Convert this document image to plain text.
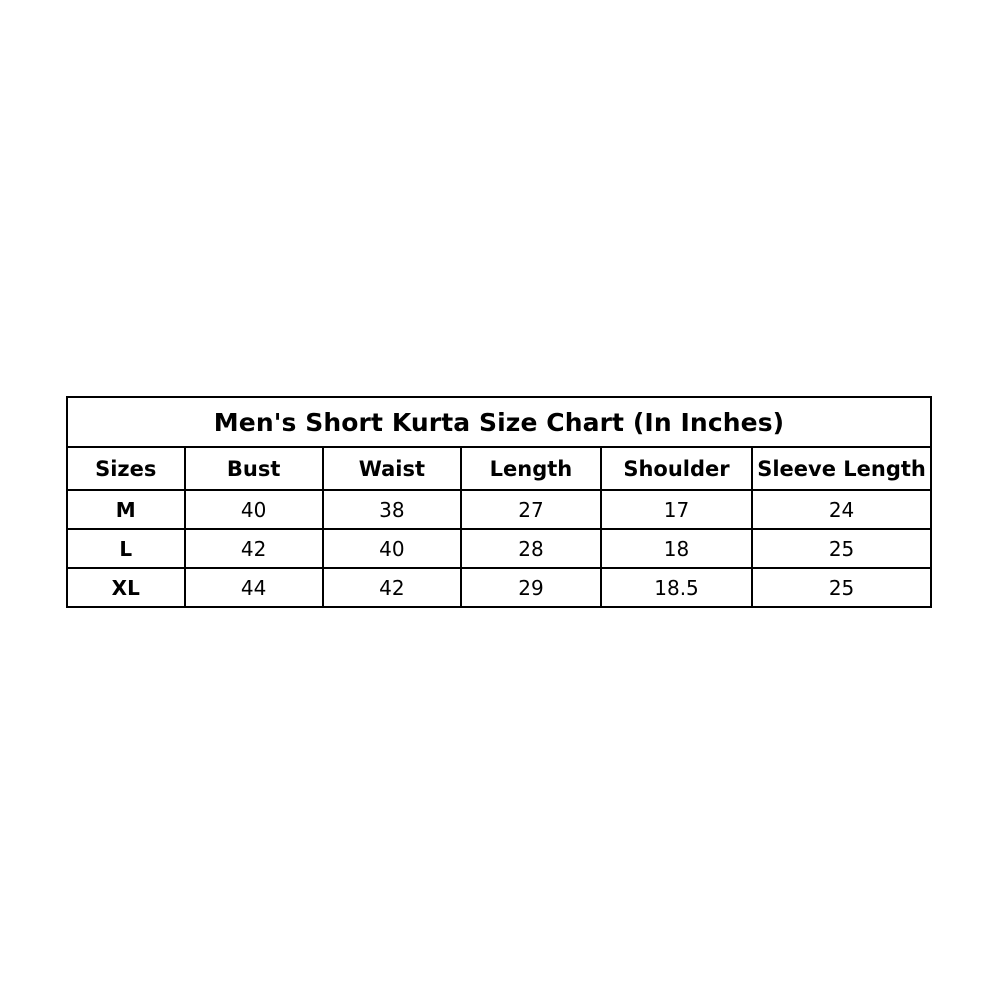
Men's Short Kurta Size Chart (In Inches)					
Sizes	Bust	Waist	Length	Shoulder	Sleeve Length
M	40	38	27	17	24
L	42	40	28	18	25
XL	44	42	29	18.5	25
